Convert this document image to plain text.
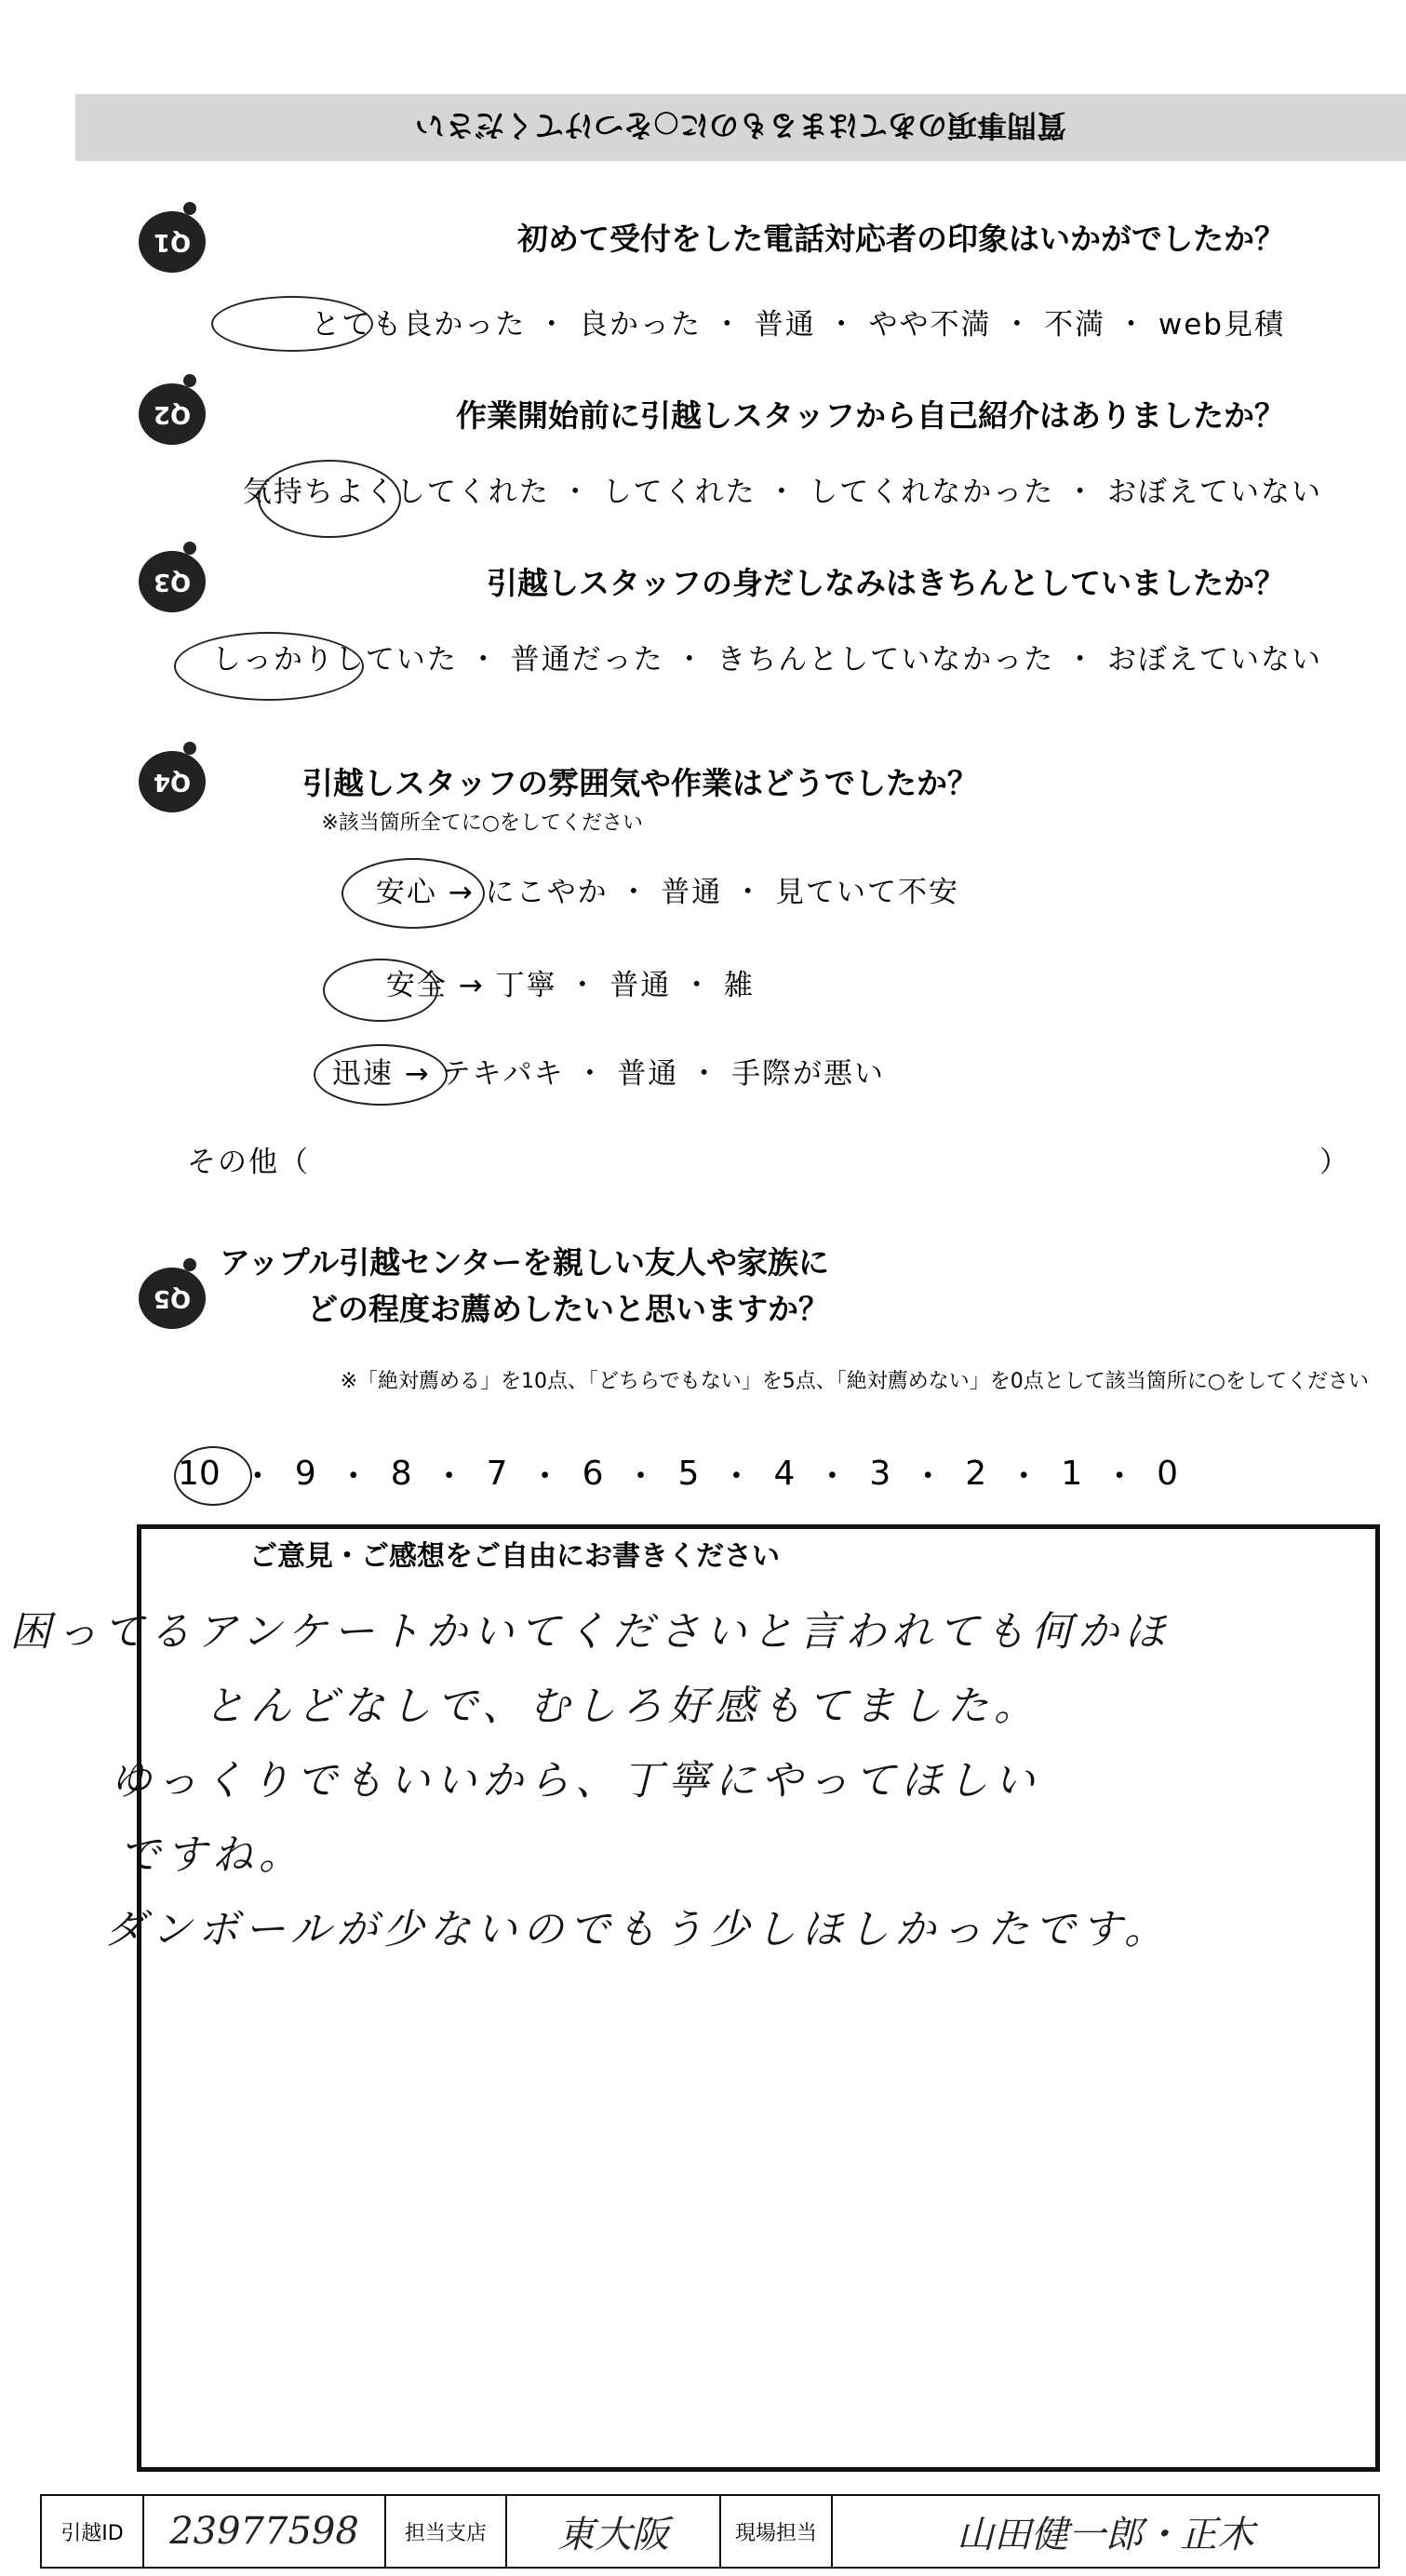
質問事項のあてはまるものに○をつけてください
Q1	初めて受付をした電話対応者の印象はいかがでしたか？
とても良かった ・ 良かった ・ 普通 ・ やや不満 ・ 不満 ・ web見積
Q2	作業開始前に引越しスタッフから自己紹介はありましたか？
気持ちよくしてくれた ・ してくれた ・ してくれなかった ・ おぼえていない
Q3	引越しスタッフの身だしなみはきちんとしていましたか？
しっかりしていた ・ 普通だった ・ きちんとしていなかった ・ おぼえていない
Q4	引越しスタッフの雰囲気や作業はどうでしたか？
※該当箇所全てに○をしてください
安心 → にこやか ・ 普通 ・ 見ていて不安
安全 → 丁寧 ・ 普通 ・ 雑
迅速 → テキパキ ・ 普通 ・ 手際が悪い
その他（	）
Q5
アップル引越センターを親しい友人や家族に
どの程度お薦めしたいと思いますか？
※「絶対薦める」を10点、「どちらでもない」を5点、「絶対薦めない」を0点として該当箇所に○をしてください
10 ・ 9 ・ 8 ・ 7 ・ 6 ・ 5 ・ 4 ・ 3 ・ 2 ・ 1 ・ 0
ご意見・ご感想をご自由にお書きください
困ってるアンケートかいてくださいと言われても何かほ
とんどなしで、むしろ好感もてました。
ゆっくりでもいいから、丁寧にやってほしい
ですね。
ダンボールが少ないのでもう少しほしかったです。
引越ID	23977598	担当支店	東大阪	現場担当	山田健一郎・正木
